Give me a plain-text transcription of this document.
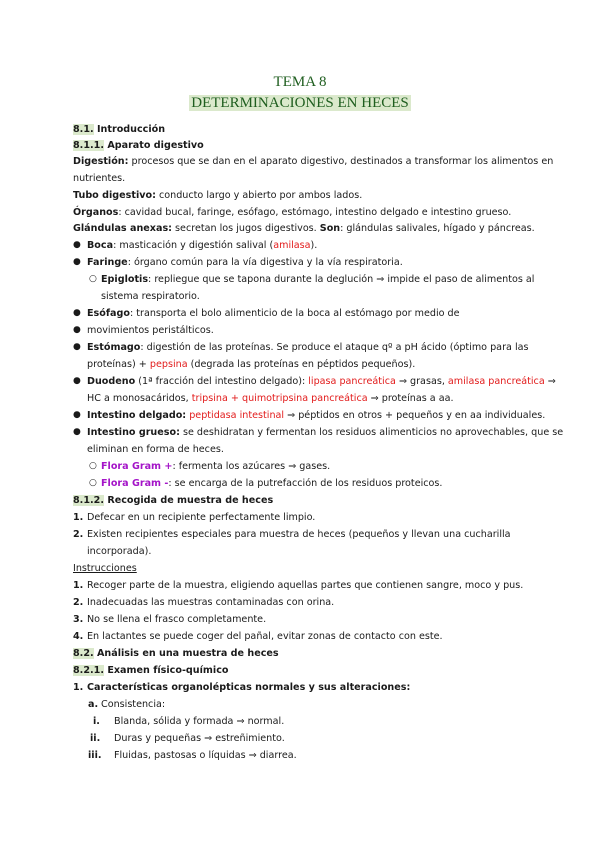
TEMA 8
DETERMINACIONES EN HECES
8.1. Introducción
8.1.1. Aparato digestivo
Digestión: procesos que se dan en el aparato digestivo, destinados a transformar los alimentos en
nutrientes.
Tubo digestivo: conducto largo y abierto por ambos lados.
Órganos: cavidad bucal, faringe, esófago, estómago, intestino delgado e intestino grueso.
Glándulas anexas: secretan los jugos digestivos. Son: glándulas salivales, hígado y páncreas.
● Boca: masticación y digestión salival (amilasa).
● Faringe: órgano común para la vía digestiva y la vía respiratoria.
○ Epiglotis: repliegue que se tapona durante la deglución ⇒ impide el paso de alimentos al
sistema respiratorio.
● Esófago: transporta el bolo alimenticio de la boca al estómago por medio de
● movimientos peristálticos.
● Estómago: digestión de las proteínas. Se produce el ataque qº a pH ácido (óptimo para las
proteínas) + pepsina (degrada las proteínas en péptidos pequeños).
● Duodeno (1ª fracción del intestino delgado): lipasa pancreática ⇒ grasas, amilasa pancreática ⇒
HC a monosacáridos, tripsina + quimotripsina pancreática ⇒ proteínas a aa.
● Intestino delgado: peptidasa intestinal ⇒ péptidos en otros + pequeños y en aa individuales.
● Intestino grueso: se deshidratan y fermentan los residuos alimenticios no aprovechables, que se
eliminan en forma de heces.
○ Flora Gram +: fermenta los azúcares ⇒ gases.
○ Flora Gram -: se encarga de la putrefacción de los residuos proteicos.
8.1.2. Recogida de muestra de heces
1. Defecar en un recipiente perfectamente limpio.
2. Existen recipientes especiales para muestra de heces (pequeños y llevan una cucharilla
incorporada).
Instrucciones
1. Recoger parte de la muestra, eligiendo aquellas partes que contienen sangre, moco y pus.
2. Inadecuadas las muestras contaminadas con orina.
3. No se llena el frasco completamente.
4. En lactantes se puede coger del pañal, evitar zonas de contacto con este.
8.2. Análisis en una muestra de heces
8.2.1. Examen físico-químico
1. Características organolépticas normales y sus alteraciones:
a. Consistencia:
i. Blanda, sólida y formada ⇒ normal.
ii. Duras y pequeñas ⇒ estreñimiento.
iii. Fluidas, pastosas o líquidas ⇒ diarrea.
